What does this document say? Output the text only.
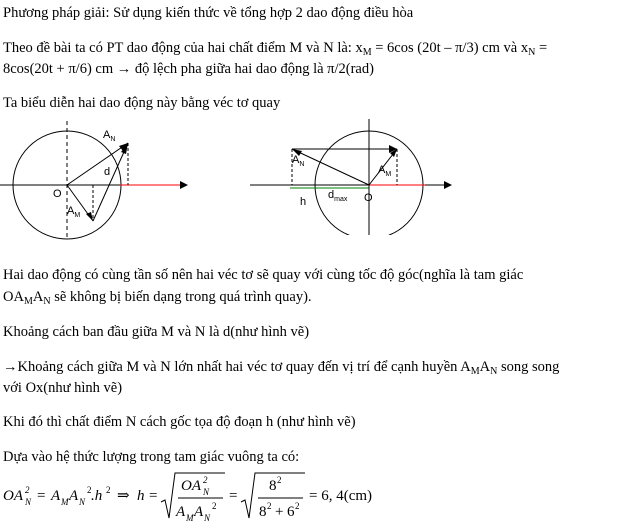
Phương pháp giải: Sử dụng kiến thức về tổng hợp 2 dao động điều hòa
Theo đề bài ta có PT dao động của hai chất điểm M và N là: $x_M = 6\cos$ (20t – π/3) cm và $x_N$ =
8cos(20t + π/6) cm → độ lệch pha giữa hai dao động là π/2(rad)
Ta biểu diễn hai dao động này bằng véc tơ quay
$A_N$
d
O
$A_M$
$A_N$	$A_M$
h
$d_{max}$ O
Hai dao động có cùng tần số nên hai véc tơ sẽ quay với cùng tốc độ góc(nghĩa là tam giác
$OA_MA_N$ sẽ không bị biến dạng trong quá trình quay).
Khoảng cách ban đầu giữa M và N là d(như hình vẽ)
→Khoảng cách giữa M và N lớn nhất hai véc tơ quay đến vị trí để cạnh huyền $A_MA_N$ song song
với Ox(như hình vẽ)
Khi đó thì chất điểm N cách gốc tọa độ đoạn h (như hình vẽ)
Dựa vào hệ thức lượng trong tam giác vuông ta có:
OA 2
N = A M A N
2 .h 2 ⇒ h =
OA 2
N
A M A N
2
=
8 2
8 2 + 6 2
= 6, 4(cm)
